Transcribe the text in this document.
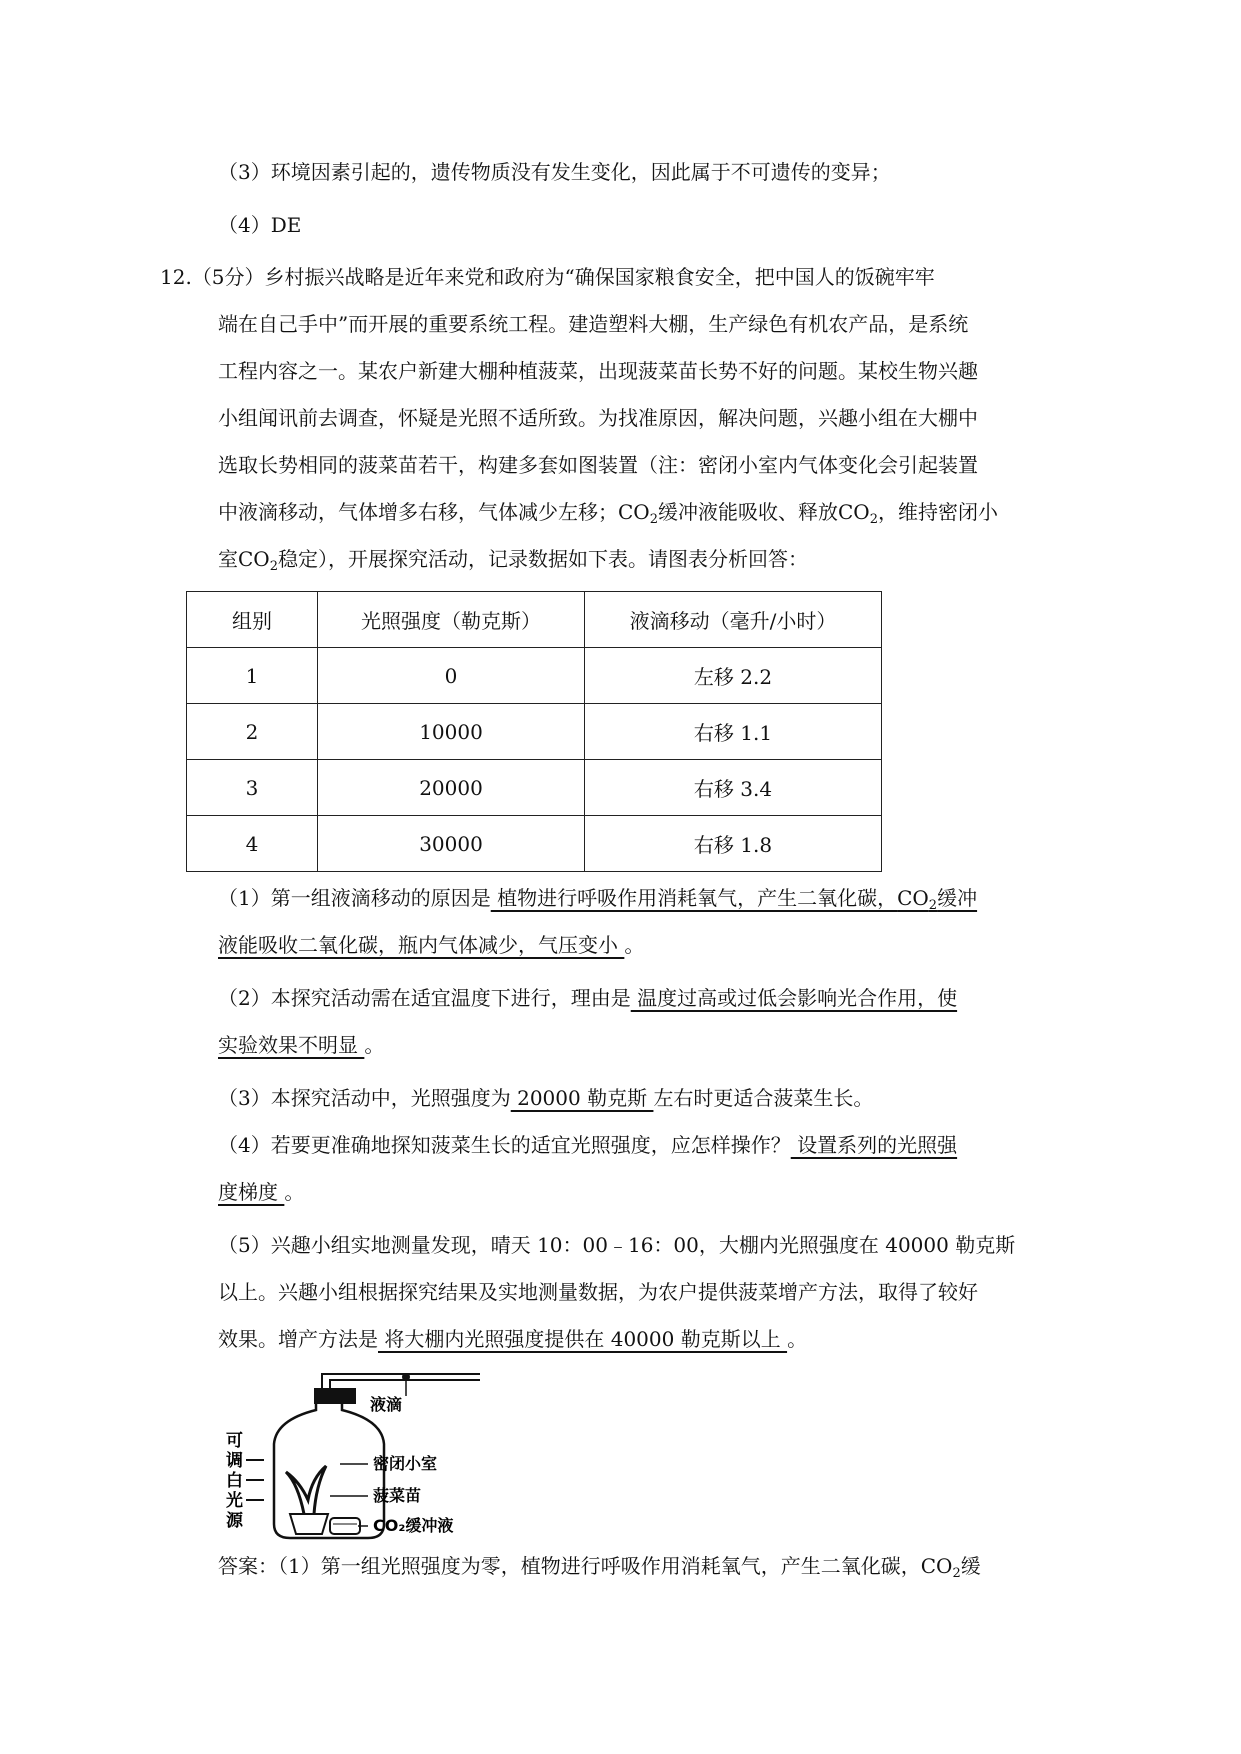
（3）环境因素引起的，遗传物质没有发生变化，因此属于不可遗传的变异；
（4）DE
12.（5分）乡村振兴战略是近年来党和政府为“确保国家粮食安全，把中国人的饭碗牢牢
端在自己手中”而开展的重要系统工程。建造塑料大棚，生产绿色有机农产品，是系统
工程内容之一。某农户新建大棚种植菠菜，出现菠菜苗长势不好的问题。某校生物兴趣
小组闻讯前去调查，怀疑是光照不适所致。为找准原因，解决问题，兴趣小组在大棚中
选取长势相同的菠菜苗若干，构建多套如图装置（注：密闭小室内气体变化会引起装置
中液滴移动，气体增多右移，气体减少左移；$CO_2$缓冲液能吸收、释放$CO_2$，维持密闭小
室$CO_2$稳定），开展探究活动，记录数据如下表。请图表分析回答：
组别	光照强度（勒克斯）	液滴移动（毫升/小时）
1	0	左移 2.2
2	10000	右移 1.1
3	20000	右移 3.4
4	30000	右移 1.8
（1）第一组液滴移动的原因是 植物进行呼吸作用消耗氧气，产生二氧化碳，$CO_2$缓冲
液能吸收二氧化碳，瓶内气体减少，气压变小 。
（2）本探究活动需在适宜温度下进行，理由是 温度过高或过低会影响光合作用，使
实验效果不明显 。
（3）本探究活动中，光照强度为 20000 勒克斯 左右时更适合菠菜生长。
（4）若要更准确地探知菠菜生长的适宜光照强度，应怎样操作？ 设置系列的光照强
度梯度 。
（5）兴趣小组实地测量发现，晴天 10：00﹣16：00，大棚内光照强度在 40000 勒克斯
以上。兴趣小组根据探究结果及实地测量数据，为农户提供菠菜增产方法，取得了较好
效果。增产方法是 将大棚内光照强度提供在 40000 勒克斯以上 。
可
调
白
光
源
液滴
密闭小室
菠菜苗
CO₂缓冲液
答案：（1）第一组光照强度为零，植物进行呼吸作用消耗氧气，产生二氧化碳，$CO_2$缓
